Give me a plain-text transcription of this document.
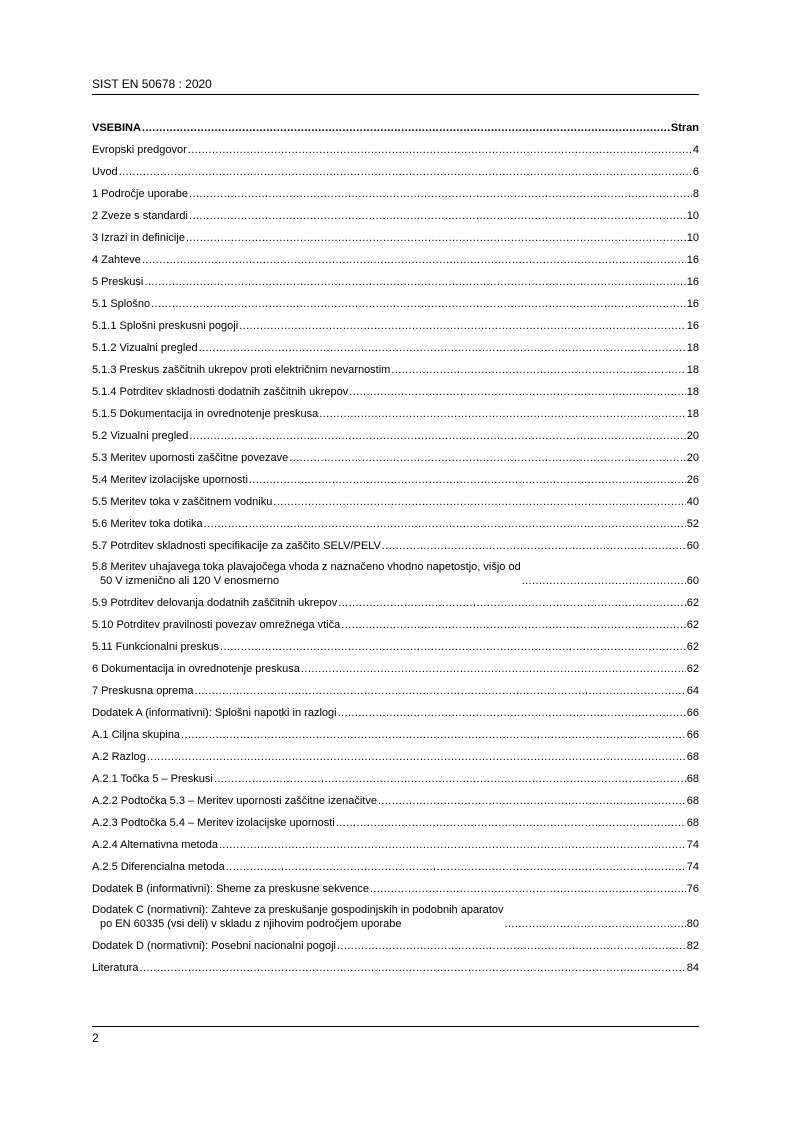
SIST EN 50678 : 2020
VSEBINA .....	Stran
Evropski predgovor .....	4
Uvod .....	6
1 Področje uporabe .....	8
2 Zveze s standardi .....	10
3 Izrazi in definicije .....	10
4 Zahteve .....	16
5 Preskusi .....	16
5.1 Splošno .....	16
5.1.1 Splošni preskusni pogoji .....	16
5.1.2 Vizualni pregled .....	18
5.1.3 Preskus zaščitnih ukrepov proti električnim nevarnostim .....	18
5.1.4 Potrditev skladnosti dodatnih zaščitnih ukrepov .....	18
5.1.5 Dokumentacija in ovrednotenje preskusa .....	18
5.2 Vizualni pregled .....	20
5.3 Meritev upornosti zaščitne povezave .....	20
5.4 Meritev izolacijske upornosti .....	26
5.5 Meritev toka v zaščitnem vodniku .....	40
5.6 Meritev toka dotika .....	52
5.7 Potrditev skladnosti specifikacije za zaščito SELV/PELV .....	60
5.8 Meritev uhajavega toka plavajočega vhoda z naznačeno vhodno napetostjo, višjo od
50 V izmenično ali 120 V enosmerno .....	60
5.9 Potrditev delovanja dodatnih zaščitnih ukrepov .....	62
5.10 Potrditev pravilnosti povezav omrežnega vtiča .....	62
5.11 Funkcionalni preskus .....	62
6 Dokumentacija in ovrednotenje preskusa .....	62
7 Preskusna oprema .....	64
Dodatek A (informativni): Splošni napotki in razlogi .....	66
A.1 Ciljna skupina .....	66
A.2 Razlog .....	68
A.2.1 Točka 5 – Preskusi .....	68
A.2.2 Podtočka 5.3 – Meritev upornosti zaščitne izenačitve .....	68
A.2.3 Podtočka 5.4 – Meritev izolacijske upornosti .....	68
A.2.4 Alternativna metoda .....	74
A.2.5 Diferencialna metoda .....	74
Dodatek B (informativni): Sheme za preskusne sekvence .....	76
Dodatek C (normativni): Zahteve za preskušanje gospodinjskih in podobnih aparatov
po EN 60335 (vsi deli) v skladu z njihovim področjem uporabe .....	80
Dodatek D (normativni): Posebni nacionalni pogoji .....	82
Literatura .....	84
2
